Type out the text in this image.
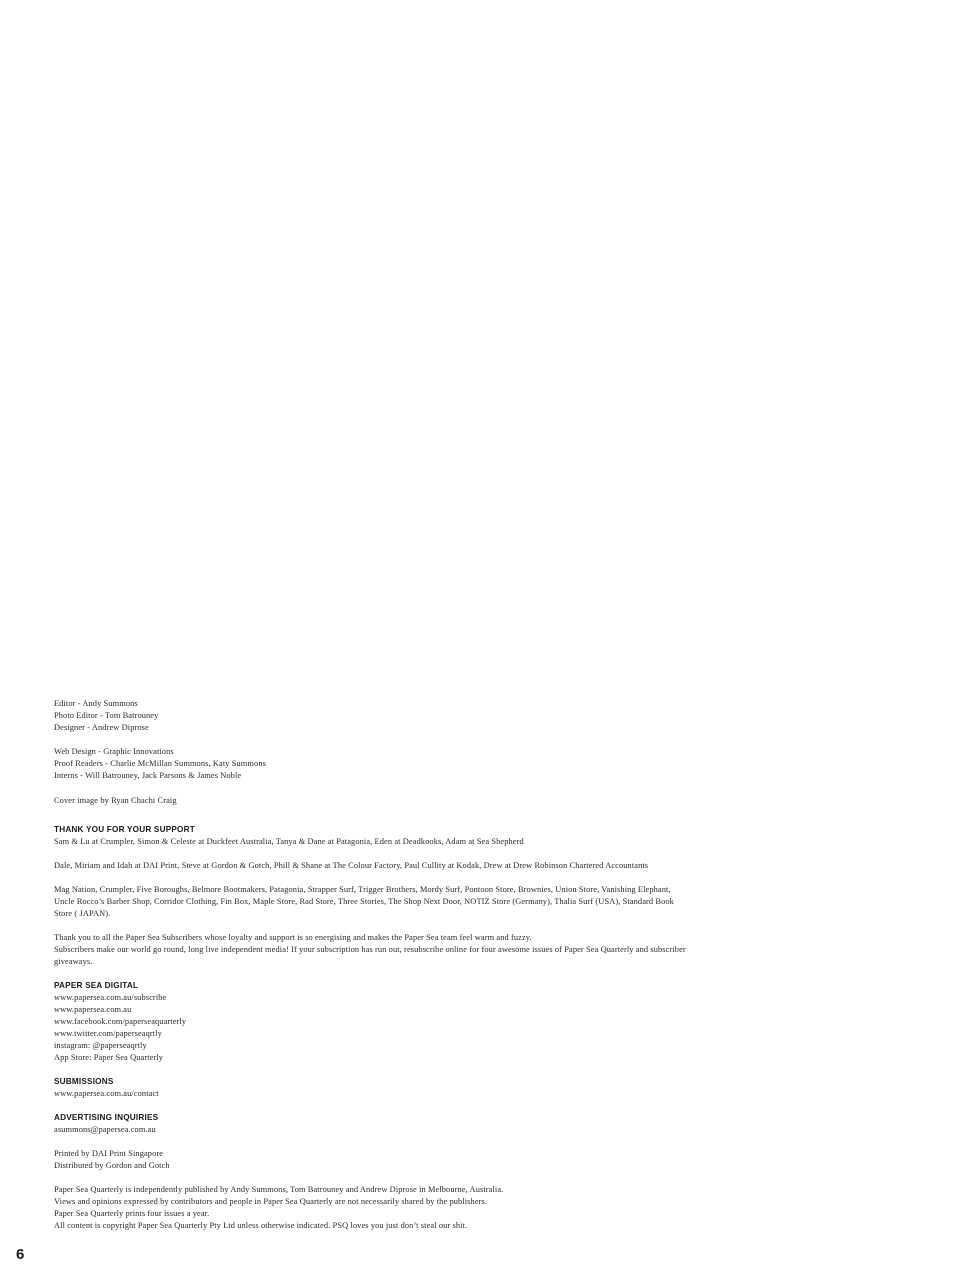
Editor - Andy Summons

Photo Editor - Tom Batrouney

Designer - Andrew Diprose

Web Design - Graphic Innovations

Proof Readers - Charlie McMillan Summons, Katy Summons

Interns - Will Batrouney, Jack Parsons & James Noble

Cover image by Ryan Chachi Craig

THANK YOU FOR YOUR SUPPORT

Sam & Lu at Crumpler, Simon & Celeste at Duckfeet Australia, Tanya & Dane at Patagonia, Eden at Deadkooks, Adam at Sea Shepherd

Dale, Miriam and Idah at DAI Print, Steve at Gordon & Gotch, Phill & Shane at The Colour Factory, Paul Cullity at Kodak, Drew at Drew Robinson Chartered Accountants

Mag Nation, Crumpler, Five Boroughs, Belmore Bootmakers, Patagonia, Strapper Surf, Trigger Brothers, Mordy Surf, Pontoon Store, Brownies, Union Store, Vanishing Elephant,
Uncle Rocco’s Barber Shop, Corridor Clothing, Fin Box, Maple Store, Rad Store, Three Stories, The Shop Next Door, NOTIZ Store (Germany), Thalia Surf (USA), Standard Book
Store ( JAPAN).

Thank you to all the Paper Sea Subscribers whose loyalty and support is so energising and makes the Paper Sea team feel warm and fuzzy.
Subscribers make our world go round, long live independent media! If your subscription has run out, resubscribe online for four awesome issues of Paper Sea Quarterly and subscriber
giveaways.

PAPER SEA DIGITAL

www.papersea.com.au/subscribe

www.papersea.com.au

www.facebook.com/paperseaquarterly

www.twitter.com/paperseaqrtly

instagram: @paperseaqrtly

App Store: Paper Sea Quarterly

SUBMISSIONS

www.papersea.com.au/contact

ADVERTISING INQUIRIES

asummons@papersea.com.au

Printed by DAI Print Singapore

Distributed by Gordon and Gotch

Paper Sea Quarterly is independently published by Andy Summons, Tom Batrouney and Andrew Diprose in Melbourne, Australia.

Views and opinions expressed by contributors and people in Paper Sea Quarterly are not necessarily shared by the publishers.

Paper Sea Quarterly prints four issues a year.

All content is copyright Paper Sea Quarterly Pty Ltd unless otherwise indicated. PSQ loves you just don’t steal our shit.

6
